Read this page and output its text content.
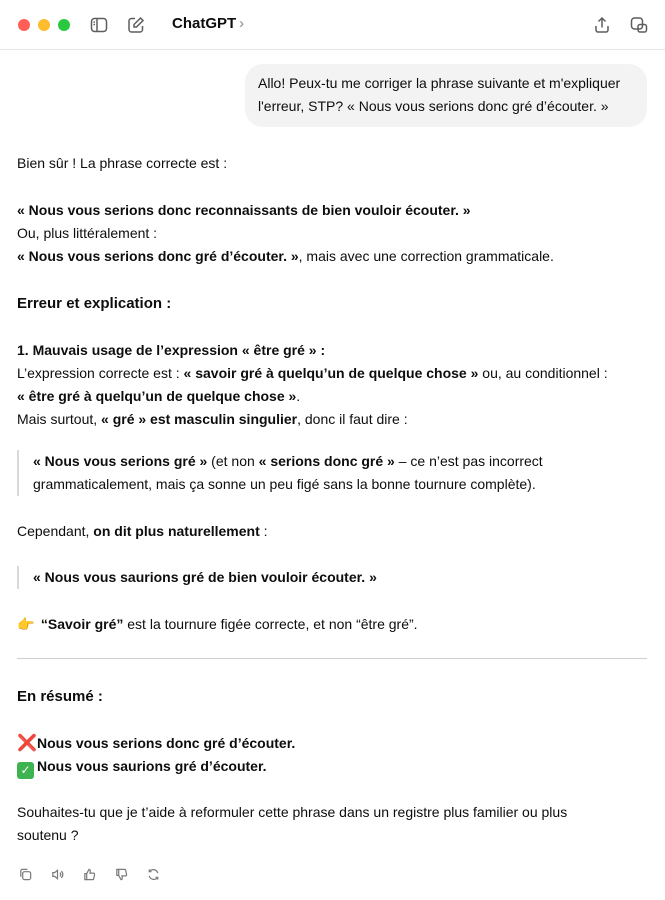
ChatGPT ›
Allo! Peux-tu me corriger la phrase suivante et m'expliquer l'erreur, STP? « Nous vous serions donc gré d’écouter. »
Bien sûr ! La phrase correcte est :
« Nous vous serions donc reconnaissants de bien vouloir écouter. »
Ou, plus littéralement :
« Nous vous serions donc gré d’écouter. », mais avec une correction grammaticale.
Erreur et explication :
1. Mauvais usage de l’expression « être gré » :
L’expression correcte est : « savoir gré à quelqu’un de quelque chose » ou, au conditionnel :
« être gré à quelqu’un de quelque chose ».
Mais surtout, « gré » est masculin singulier, donc il faut dire :
« Nous vous serions gré » (et non « serions donc gré » – ce n’est pas incorrect
grammaticalement, mais ça sonne un peu figé sans la bonne tournure complète).
Cependant, on dit plus naturellement :
« Nous vous saurions gré de bien vouloir écouter. »
👉 “Savoir gré” est la tournure figée correcte, et non “être gré”.
En résumé :
❌Nous vous serions donc gré d’écouter.
✓ Nous vous saurions gré d’écouter.
Souhaites-tu que je t’aide à reformuler cette phrase dans un registre plus familier ou plus soutenu ?
